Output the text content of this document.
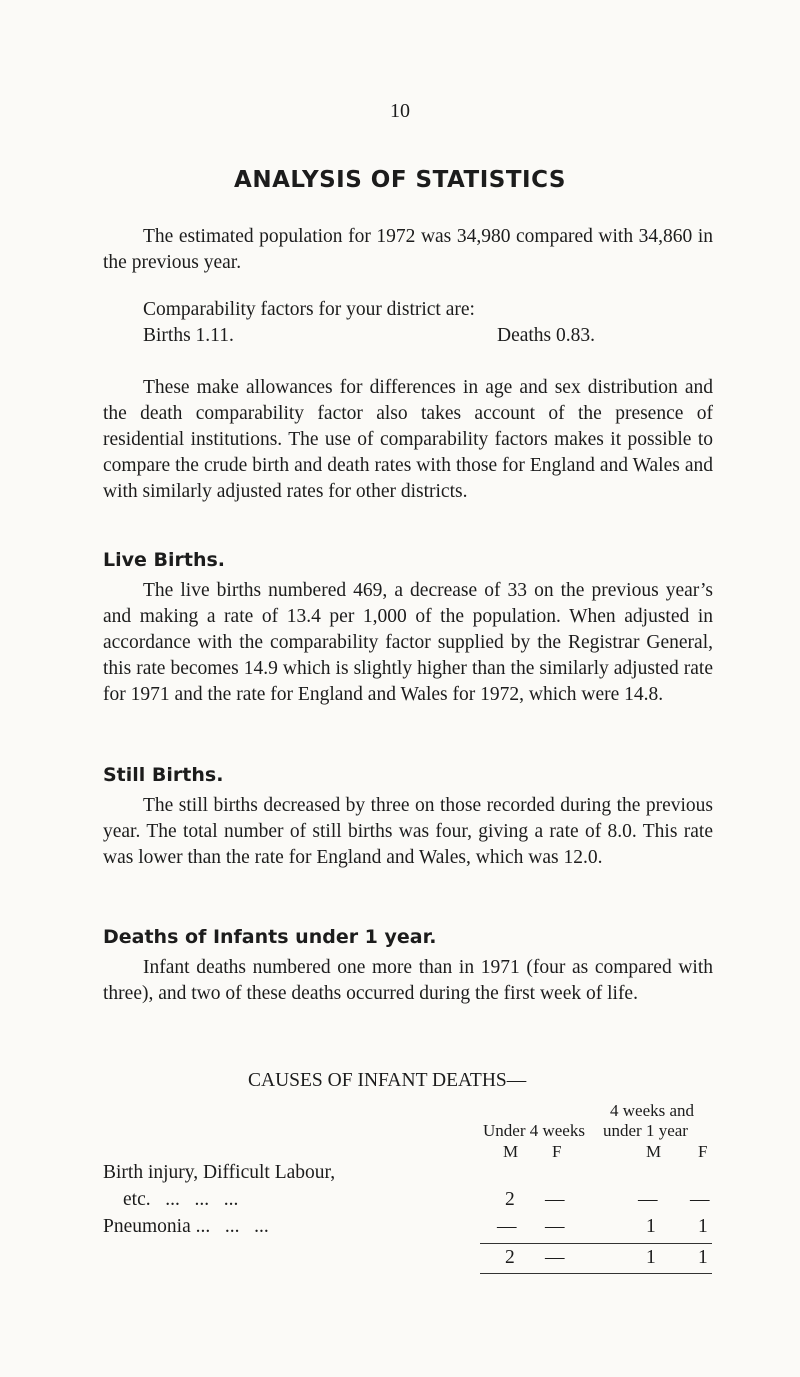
10
ANALYSIS OF STATISTICS
The estimated population for 1972 was 34,980 compared with 34,860 in the previous year.
Comparability factors for your district are:
Births 1.11.	Deaths 0.83.
These make allowances for differences in age and sex distribution and the death comparability factor also takes account of the presence of residential institutions. The use of comparability factors makes it possible to compare the crude birth and death rates with those for England and Wales and with similarly adjusted rates for other districts.
Live Births.
The live births numbered 469, a decrease of 33 on the previous year’s and making a rate of 13.4 per 1,000 of the population. When adjusted in accordance with the comparability factor supplied by the Registrar General, this rate becomes 14.9 which is slightly higher than the similarly adjusted rate for 1971 and the rate for England and Wales for 1972, which were 14.8.
Still Births.
The still births decreased by three on those recorded during the previous year. The total number of still births was four, giving a rate of 8.0. This rate was lower than the rate for England and Wales, which was 12.0.
Deaths of Infants under 1 year.
Infant deaths numbered one more than in 1971 (four as compared with three), and two of these deaths occurred during the first week of life.
CAUSES OF INFANT DEATHS—
4 weeks and
Under 4 weeks under 1 year
M F	M F
Birth injury, Difficult Labour,
etc.   ...   ...   ...	2 —	— —
Pneumonia ...   ...   ...	— —	1 1
2 —	1 1
